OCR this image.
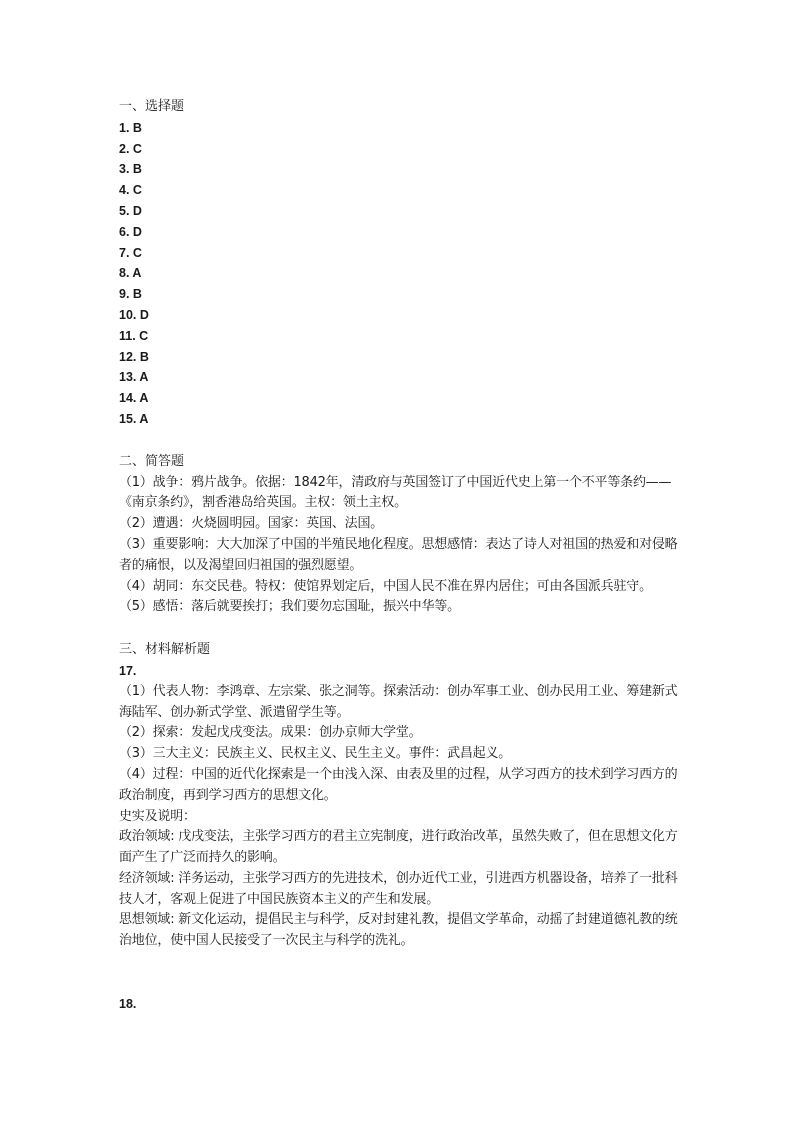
一、选择题
1. B
2. C
3. B
4. C
5. D
6. D
7. C
8. A
9. B
10. D
11. C
12. B
13. A
14. A
15. A
二、简答题
（1）战争：鸦片战争。依据：1842年，清政府与英国签订了中国近代史上第一个不平等条约——《南京条约》，割香港岛给英国。主权：领土主权。
（2）遭遇：火烧圆明园。国家：英国、法国。
（3）重要影响：大大加深了中国的半殖民地化程度。思想感情：表达了诗人对祖国的热爱和对侵略者的痛恨，以及渴望回归祖国的强烈愿望。
（4）胡同：东交民巷。特权：使馆界划定后，中国人民不准在界内居住；可由各国派兵驻守。
（5）感悟：落后就要挨打；我们要勿忘国耻，振兴中华等。
三、材料解析题
17.
（1）代表人物：李鸿章、左宗棠、张之洞等。探索活动：创办军事工业、创办民用工业、筹建新式海陆军、创办新式学堂、派遣留学生等。
（2）探索：发起戊戌变法。成果：创办京师大学堂。
（3）三大主义：民族主义、民权主义、民生主义。事件：武昌起义。
（4）过程：中国的近代化探索是一个由浅入深、由表及里的过程，从学习西方的技术到学习西方的政治制度，再到学习西方的思想文化。
史实及说明：
政治领域: 戊戌变法，主张学习西方的君主立宪制度，进行政治改革，虽然失败了，但在思想文化方面产生了广泛而持久的影响。
经济领域: 洋务运动，主张学习西方的先进技术，创办近代工业，引进西方机器设备，培养了一批科技人才，客观上促进了中国民族资本主义的产生和发展。
思想领域: 新文化运动，提倡民主与科学，反对封建礼教，提倡文学革命，动摇了封建道德礼教的统治地位，使中国人民接受了一次民主与科学的洗礼。
18.
